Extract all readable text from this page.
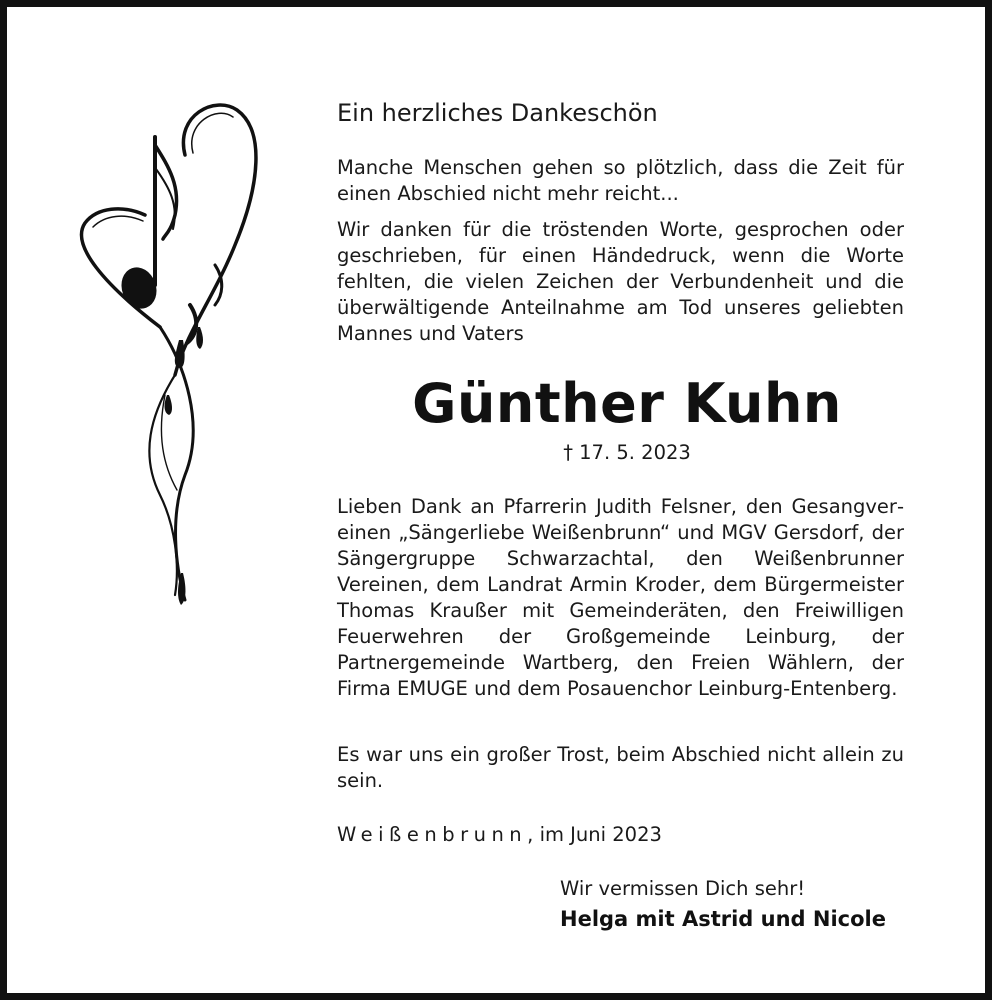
Ein herzliches Dankeschön

Manche Menschen gehen so plötzlich, dass die Zeit für einen Abschied nicht mehr reicht...

Wir danken für die tröstenden Worte, gesprochen oder geschrieben, für einen Händedruck, wenn die Worte fehlten, die vielen Zeichen der Verbundenheit und die überwältigende Anteilnahme am Tod unseres geliebten Mannes und Vaters

Günther Kuhn

† 17. 5. 2023

Lieben Dank an Pfarrerin Judith Felsner, den Gesangvereinen „Sängerliebe Weißenbrunn“ und MGV Gersdorf, der Sängergruppe Schwarzachtal, den Weißenbrunner Vereinen, dem Landrat Armin Kroder, dem Bürgermeister Thomas Kraußer mit Gemeinderäten, den Freiwilligen Feuerwehren der Großgemeinde Leinburg, der Partnergemeinde Wartberg, den Freien Wählern, der Firma EMUGE und dem Posauenchor Leinburg-Entenberg.

Es war uns ein großer Trost, beim Abschied nicht allein zu sein.

Weißenbrunn, im Juni 2023

Wir vermissen Dich sehr!

Helga mit Astrid und Nicole
